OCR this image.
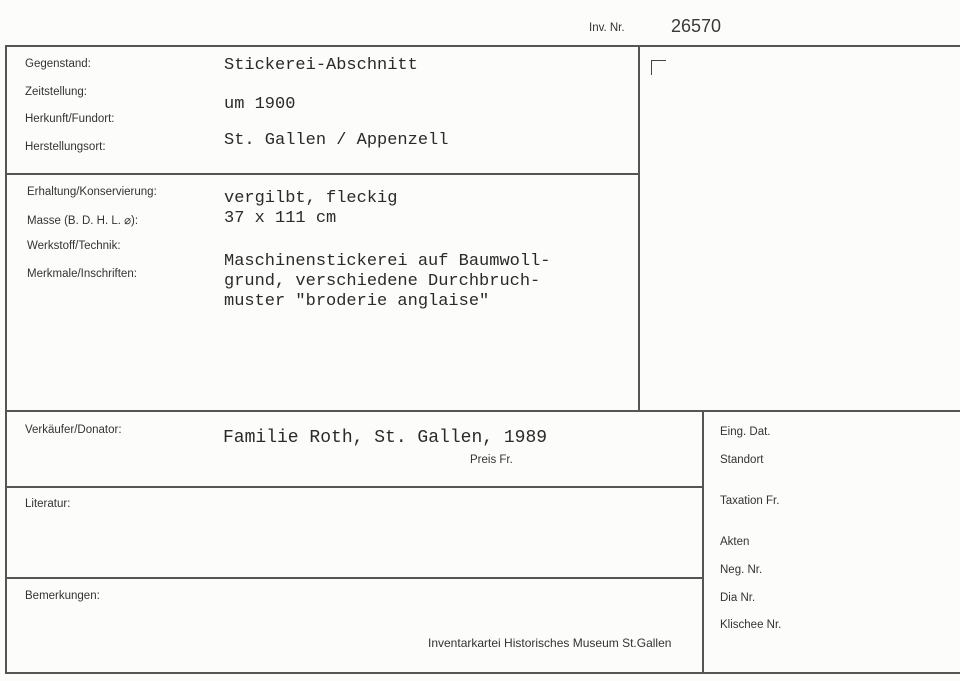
Inv. Nr.	26570
Gegenstand:
Zeitstellung:
Herkunft/Fundort:
Herstellungsort:
Stickerei-Abschnitt
um 1900
St. Gallen / Appenzell
Erhaltung/Konservierung:
Masse (B. D. H. L. ⌀):
Werkstoff/Technik:
Merkmale/Inschriften:
vergilbt, fleckig
37 x 111 cm
Maschinenstickerei auf Baumwoll-
grund, verschiedene Durchbruch-
muster "broderie anglaise"
Verkäufer/Donator:	Familie Roth, St. Gallen, 1989
Preis Fr.
Literatur:
Bemerkungen:
Eing. Dat.
Standort
Taxation Fr.
Akten
Neg. Nr.
Dia Nr.
Klischee Nr.
Inventarkartei Historisches Museum St.Gallen
